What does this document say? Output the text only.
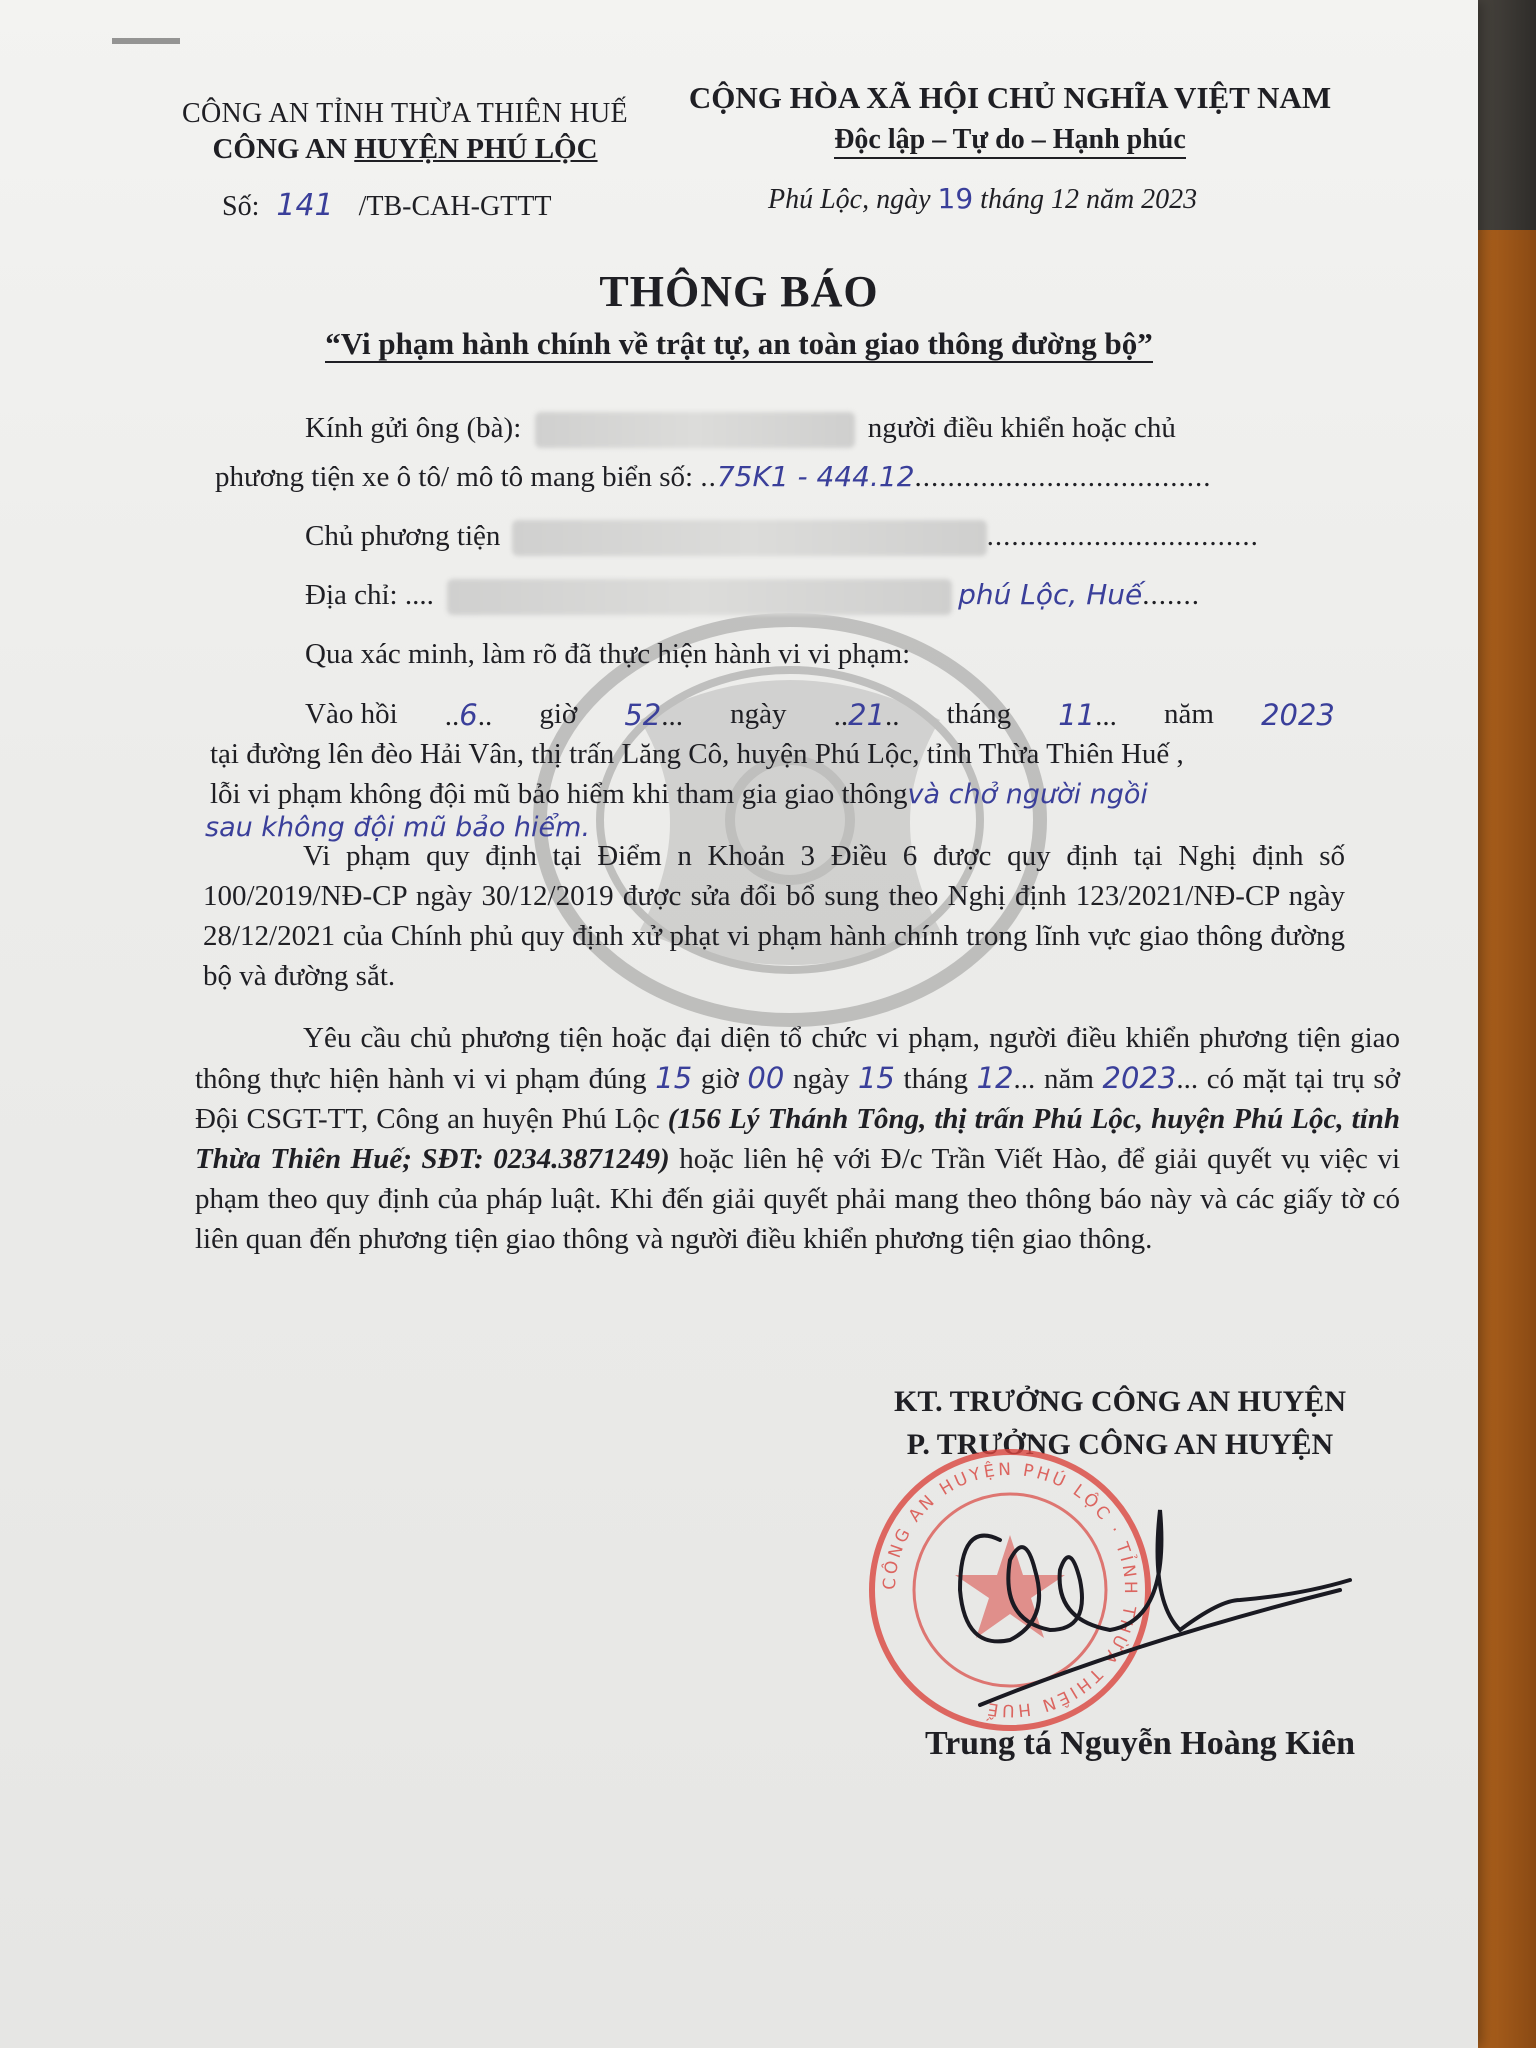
CÔNG AN TỈNH THỪA THIÊN HUẾ
CÔNG AN HUYỆN PHÚ LỘC
CỘNG HÒA XÃ HỘI CHỦ NGHĨA VIỆT NAM
Độc lập – Tự do – Hạnh phúc
Số: 141 /TB-CAH-GTTT	Phú Lộc, ngày 19 tháng 12 năm 2023
THÔNG BÁO
“Vi phạm hành chính về trật tự, an toàn giao thông đường bộ”
Kính gửi ông (bà):	người điều khiển hoặc chủ
phương tiện xe ô tô/ mô tô mang biển số: ..75K1 - 444.12....................................
Chủ phương tiện	.................................
Địa chỉ: ....	phú Lộc, Huế.......
Qua xác minh, làm rõ đã thực hiện hành vi vi phạm:
Vào hồi ..6.. giờ 52... ngày ..21.. tháng 11... năm 2023
tại đường lên đèo Hải Vân, thị trấn Lăng Cô, huyện Phú Lộc, tỉnh Thừa Thiên Huế ,
lỗi vi phạm không đội mũ bảo hiểm khi tham gia giao thôngvà chở người ngồi
sau không đội mũ bảo hiểm.
Vi phạm quy định tại Điểm n Khoản 3 Điều 6 được quy định tại Nghị định số 100/2019/NĐ-CP ngày 30/12/2019 được sửa đổi bổ sung theo Nghị định 123/2021/NĐ-CP ngày 28/12/2021 của Chính phủ quy định xử phạt vi phạm hành chính trong lĩnh vực giao thông đường bộ và đường sắt.
Yêu cầu chủ phương tiện hoặc đại diện tổ chức vi phạm, người điều khiển phương tiện giao thông thực hiện hành vi vi phạm đúng 15 giờ 00 ngày 15 tháng 12... năm 2023... có mặt tại trụ sở Đội CSGT-TT, Công an huyện Phú Lộc (156 Lý Thánh Tông, thị trấn Phú Lộc, huyện Phú Lộc, tỉnh Thừa Thiên Huế; SĐT: 0234.3871249) hoặc liên hệ với Đ/c Trần Viết Hào, để giải quyết vụ việc vi phạm theo quy định của pháp luật. Khi đến giải quyết phải mang theo thông báo này và các giấy tờ có liên quan đến phương tiện giao thông và người điều khiển phương tiện giao thông.
KT. TRƯỞNG CÔNG AN HUYỆN
P. TRƯỞNG CÔNG AN HUYỆN
CÔNG AN HUYỆN PHÚ LỘC · TỈNH THỪA THIÊN HUẾ
Trung tá Nguyễn Hoàng Kiên
